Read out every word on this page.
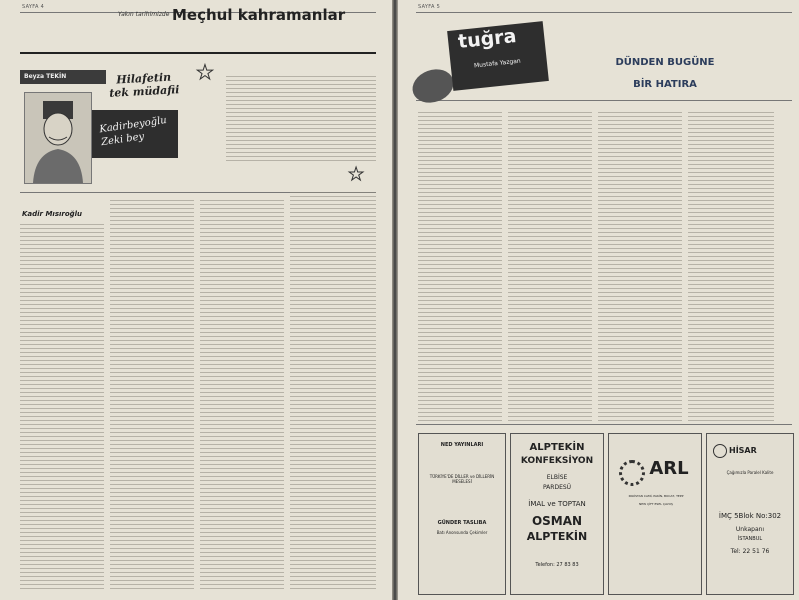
SAYFA 4
Yakın tarihimizde Meçhul kahramanlar
Beyza TEKİN	Hilafetin tek müdafii
★
★
Kadirbeyoğlu Zeki bey
Kadir Mısıroğlu
SAYFA 5
tuğra
Mustafa Yazgan	DÜNDEN BUGÜNE
BİR HATIRA
NED YAYINLARI
TÜRKİYE'DE DİLLER ve DİLLERİN MESELESİ
GÜNDER TASLIBA
Batı Anonsunda Çekimler
ALPTEKİN
KONFEKSİYON
ELBİSE
PARDESÜ
İMAL ve TOPTAN
OSMAN
ALPTEKİN
Telefon: 27 83 83
ARL
PAKİSTAN CAMİ, PAKİN, BOCAT, TEPP
NEW ÇİFT ESEL ÇAVUŞ
HİSAR
Çağımızla Paralel Kalite
İMÇ 5Blok No:302
Unkapanı
İSTANBUL
Tel: 22 51 76
